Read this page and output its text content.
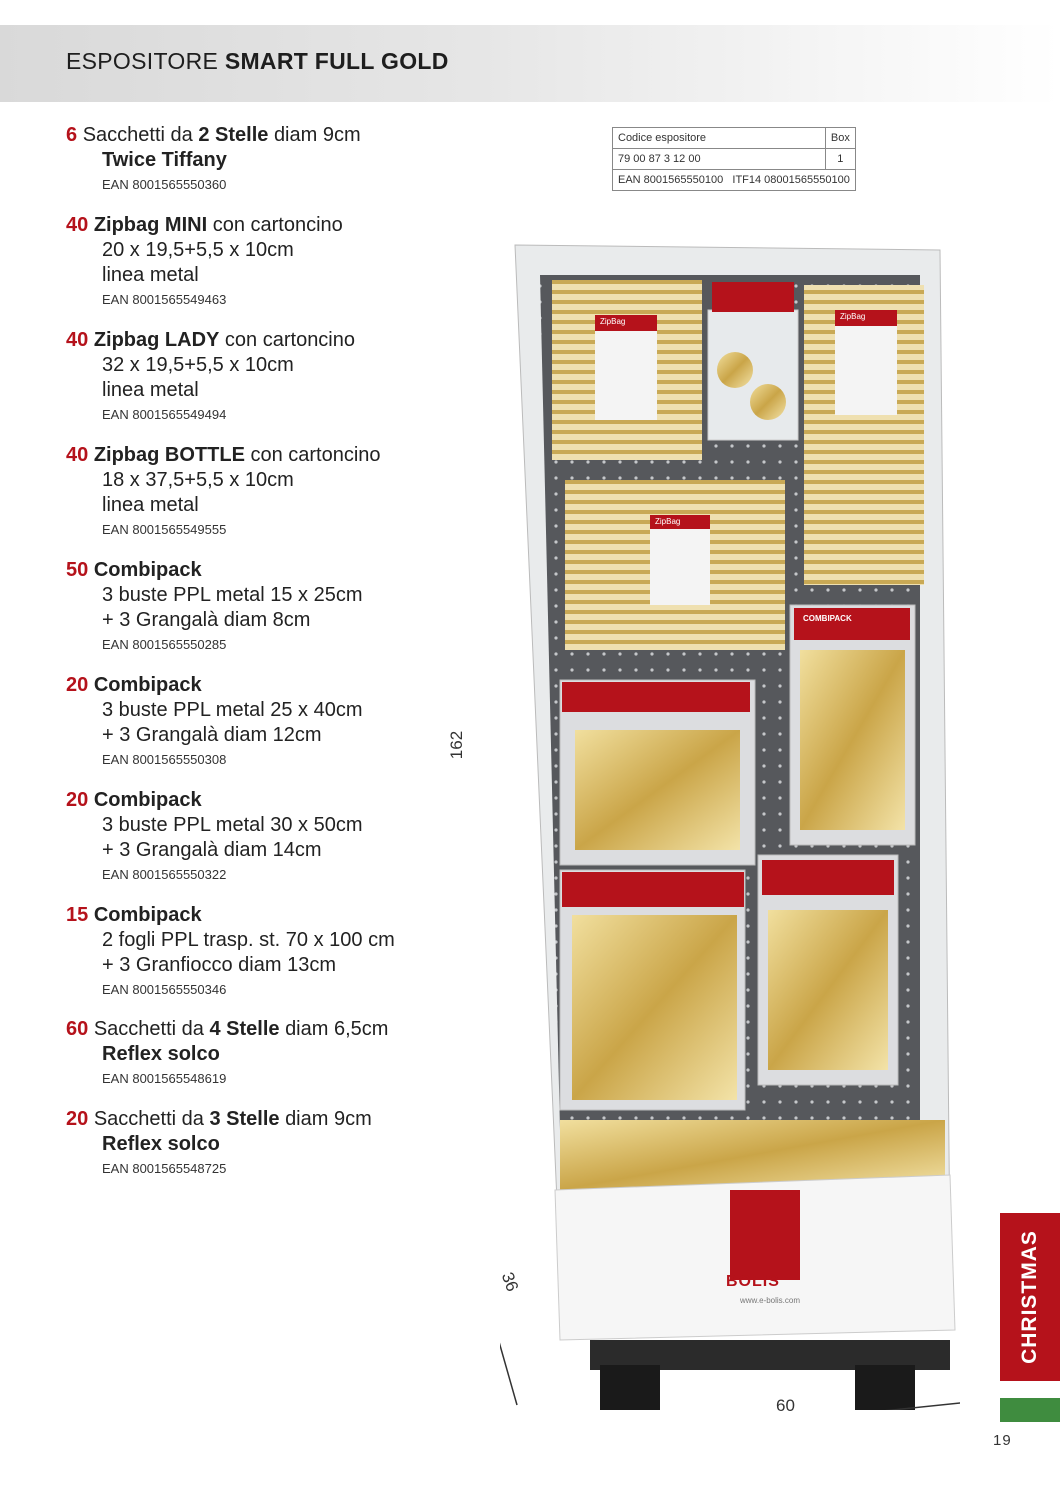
ESPOSITORE SMART FULL GOLD
6 Sacchetti da 2 Stelle diam 9cm
Twice Tiffany
EAN 8001565550360
40 Zipbag MINI con cartoncino
20 x 19,5+5,5 x 10cm
linea metal
EAN 8001565549463
40 Zipbag LADY con cartoncino
32 x 19,5+5,5 x 10cm
linea metal
EAN 8001565549494
40 Zipbag BOTTLE con cartoncino
18 x 37,5+5,5 x 10cm
linea metal
EAN 8001565549555
50 Combipack
3 buste PPL metal 15 x 25cm
+ 3 Grangalà diam 8cm
EAN 8001565550285
20 Combipack
3 buste PPL metal 25 x 40cm
+ 3 Grangalà diam 12cm
EAN 8001565550308
20 Combipack
3 buste PPL metal 30 x 50cm
+ 3 Grangalà diam 14cm
EAN 8001565550322
15 Combipack
2 fogli PPL trasp. st. 70 x 100 cm
+ 3 Granfiocco diam 13cm
EAN 8001565550346
60 Sacchetti da 4 Stelle diam 6,5cm
Reflex solco
EAN 8001565548619
20 Sacchetti da 3 Stelle diam 9cm
Reflex solco
EAN 8001565548725
Codice espositore	Box
79 00 87 3 12 00	1
EAN 8001565550100 ITF14 08001565550100	
BOLIS
www.e-bolis.com
ZipBag
ZipBag
ZipBag
COMBIPACK
162
36
60
CHRISTMAS
19
